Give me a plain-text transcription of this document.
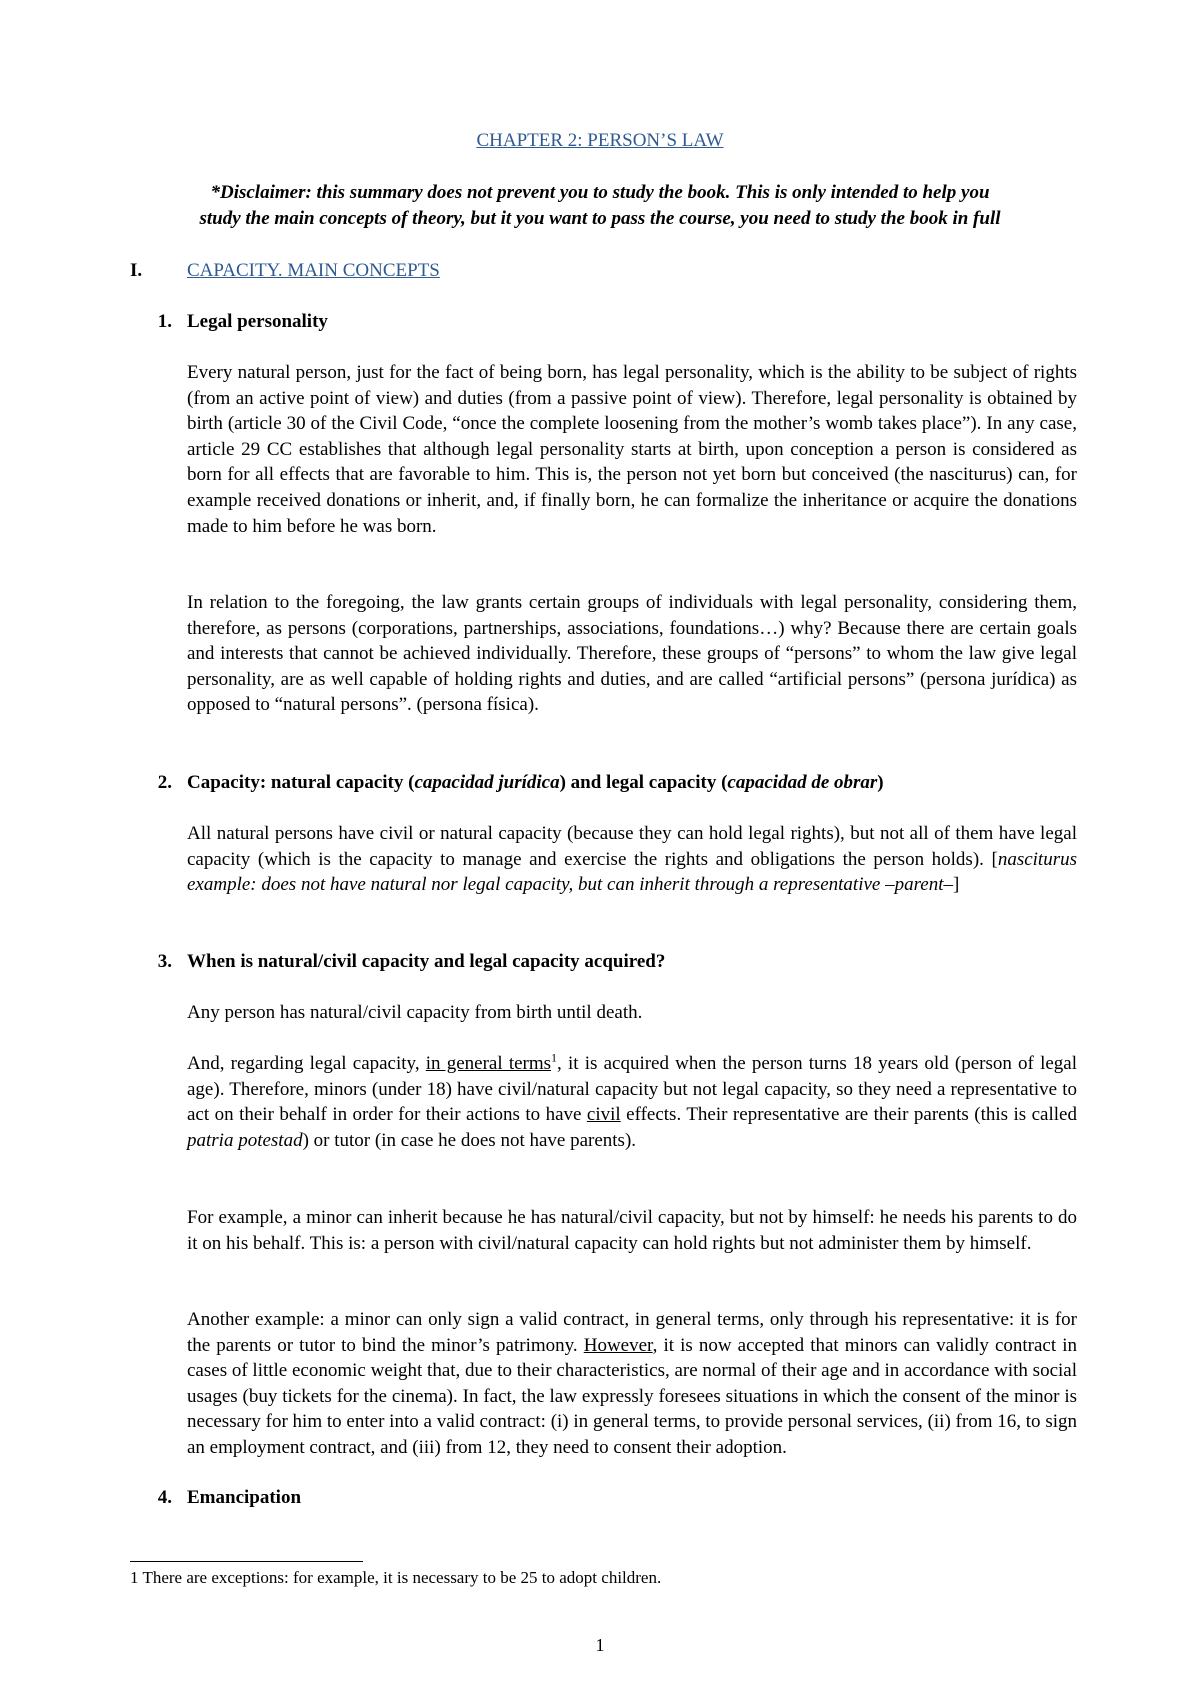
CHAPTER 2: PERSON’S LAW

*Disclaimer: this summary does not prevent you to study the book. This is only intended to help you
study the main concepts of theory, but it you want to pass the course, you need to study the book in full

I. CAPACITY. MAIN CONCEPTS

1. Legal personality

Every natural person, just for the fact of being born, has legal personality, which is the ability to be subject of rights (from an active point of view) and duties (from a passive point of view). Therefore, legal personality is obtained by birth (article 30 of the Civil Code, “once the complete loosening from the mother’s womb takes place”). In any case, article 29 CC establishes that although legal personality starts at birth, upon conception a person is considered as born for all effects that are favorable to him. This is, the person not yet born but conceived (the nasciturus) can, for example received donations or inherit, and, if finally born, he can formalize the inheritance or acquire the donations made to him before he was born.

In relation to the foregoing, the law grants certain groups of individuals with legal personality, considering them, therefore, as persons (corporations, partnerships, associations, foundations…) why? Because there are certain goals and interests that cannot be achieved individually. Therefore, these groups of “persons” to whom the law give legal personality, are as well capable of holding rights and duties, and are called “artificial persons” (persona jurídica) as opposed to “natural persons”. (persona física).

2. Capacity: natural capacity (capacidad jurídica) and legal capacity (capacidad de obrar)

All natural persons have civil or natural capacity (because they can hold legal rights), but not all of them have legal capacity (which is the capacity to manage and exercise the rights and obligations the person holds). [nasciturus example: does not have natural nor legal capacity, but can inherit through a representative –parent–]

3. When is natural/civil capacity and legal capacity acquired?

Any person has natural/civil capacity from birth until death.

And, regarding legal capacity, in general terms$^1$, it is acquired when the person turns 18 years old (person of legal age). Therefore, minors (under 18) have civil/natural capacity but not legal capacity, so they need a representative to act on their behalf in order for their actions to have civil effects. Their representative are their parents (this is called patria potestad) or tutor (in case he does not have parents).

For example, a minor can inherit because he has natural/civil capacity, but not by himself: he needs his parents to do it on his behalf. This is: a person with civil/natural capacity can hold rights but not administer them by himself.

Another example: a minor can only sign a valid contract, in general terms, only through his representative: it is for the parents or tutor to bind the minor’s patrimony. However, it is now accepted that minors can validly contract in cases of little economic weight that, due to their characteristics, are normal of their age and in accordance with social usages (buy tickets for the cinema). In fact, the law expressly foresees situations in which the consent of the minor is necessary for him to enter into a valid contract: (i) in general terms, to provide personal services, (ii) from 16, to sign an employment contract, and (iii) from 12, they need to consent their adoption.

4. Emancipation

1 There are exceptions: for example, it is necessary to be 25 to adopt children.

1
